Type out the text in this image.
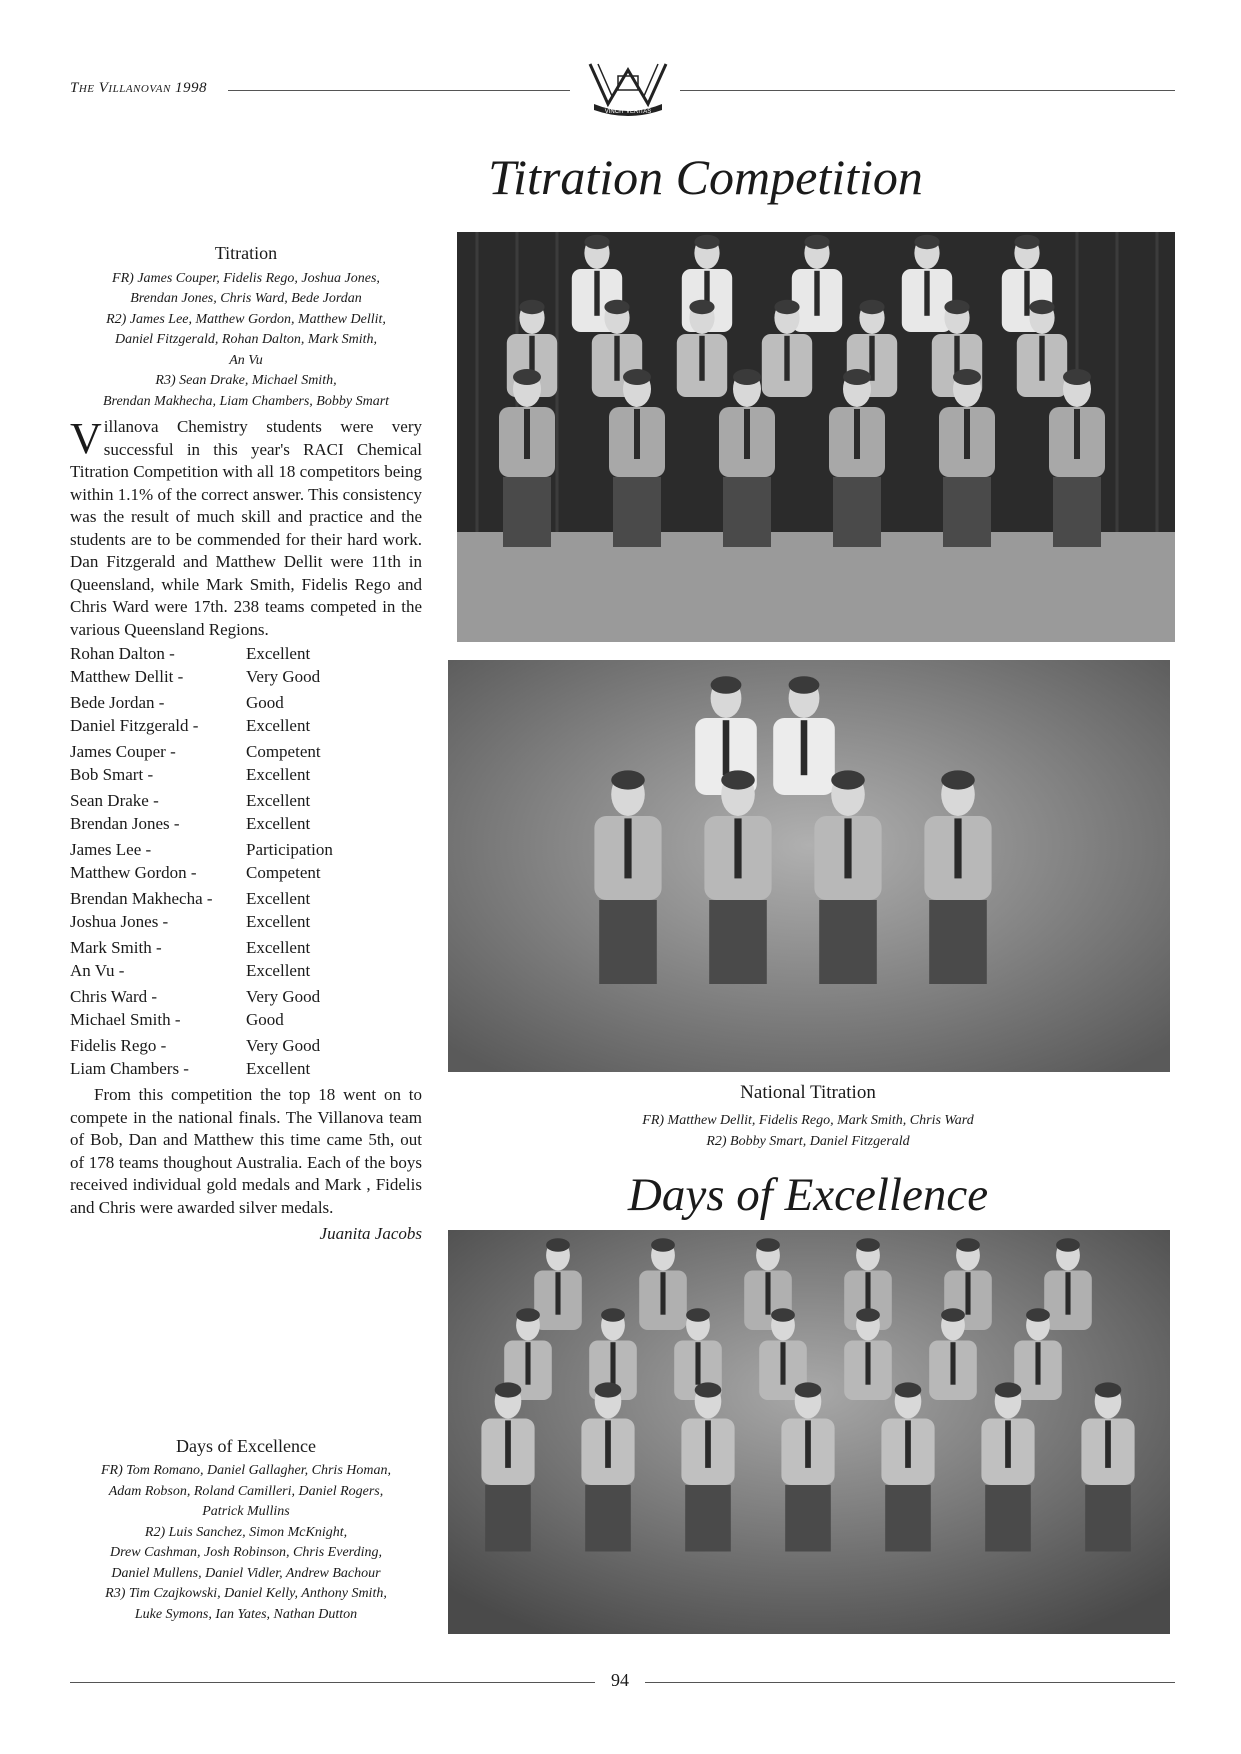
The Villanovan 1998
VINCIT VERITAS
Titration Competition
Titration
FR) James Couper, Fidelis Rego, Joshua Jones,
Brendan Jones, Chris Ward, Bede Jordan
R2) James Lee, Matthew Gordon, Matthew Dellit,
Daniel Fitzgerald, Rohan Dalton, Mark Smith,
An Vu
R3) Sean Drake, Michael Smith,
Brendan Makhecha, Liam Chambers, Bobby Smart
Villanova Chemistry students were very successful in this year's RACI Chemical Titration Competition with all 18 competitors being within 1.1% of the correct answer. This consistency was the result of much skill and practice and the students are to be commended for their hard work. Dan Fitzgerald and Matthew Dellit were 11th in Queensland, while Mark Smith, Fidelis Rego and Chris Ward were 17th. 238 teams competed in the various Queensland Regions.
Rohan Dalton -	Excellent
Matthew Dellit -	Very Good
Bede Jordan -	Good
Daniel Fitzgerald -	Excellent
James Couper -	Competent
Bob Smart -	Excellent
Sean Drake -	Excellent
Brendan Jones -	Excellent
James Lee -	Participation
Matthew Gordon -	Competent
Brendan Makhecha -	Excellent
Joshua Jones -	Excellent
Mark Smith -	Excellent
An Vu -	Excellent
Chris Ward -	Very Good
Michael Smith -	Good
Fidelis Rego -	Very Good
Liam Chambers -	Excellent
From this competition the top 18 went on to compete in the national finals. The Villanova team of Bob, Dan and Matthew this time came 5th, out of 178 teams thoughout Australia. Each of the boys received individual gold medals and Mark , Fidelis and Chris were awarded silver medals.
Juanita Jacobs
Days of Excellence
FR) Tom Romano, Daniel Gallagher, Chris Homan,
Adam Robson, Roland Camilleri, Daniel Rogers,
Patrick Mullins
R2) Luis Sanchez, Simon McKnight,
Drew Cashman, Josh Robinson, Chris Everding,
Daniel Mullens, Daniel Vidler, Andrew Bachour
R3) Tim Czajkowski, Daniel Kelly, Anthony Smith,
Luke Symons, Ian Yates, Nathan Dutton
National Titration
FR) Matthew Dellit, Fidelis Rego, Mark Smith, Chris Ward
R2) Bobby Smart, Daniel Fitzgerald
Days of Excellence
94
